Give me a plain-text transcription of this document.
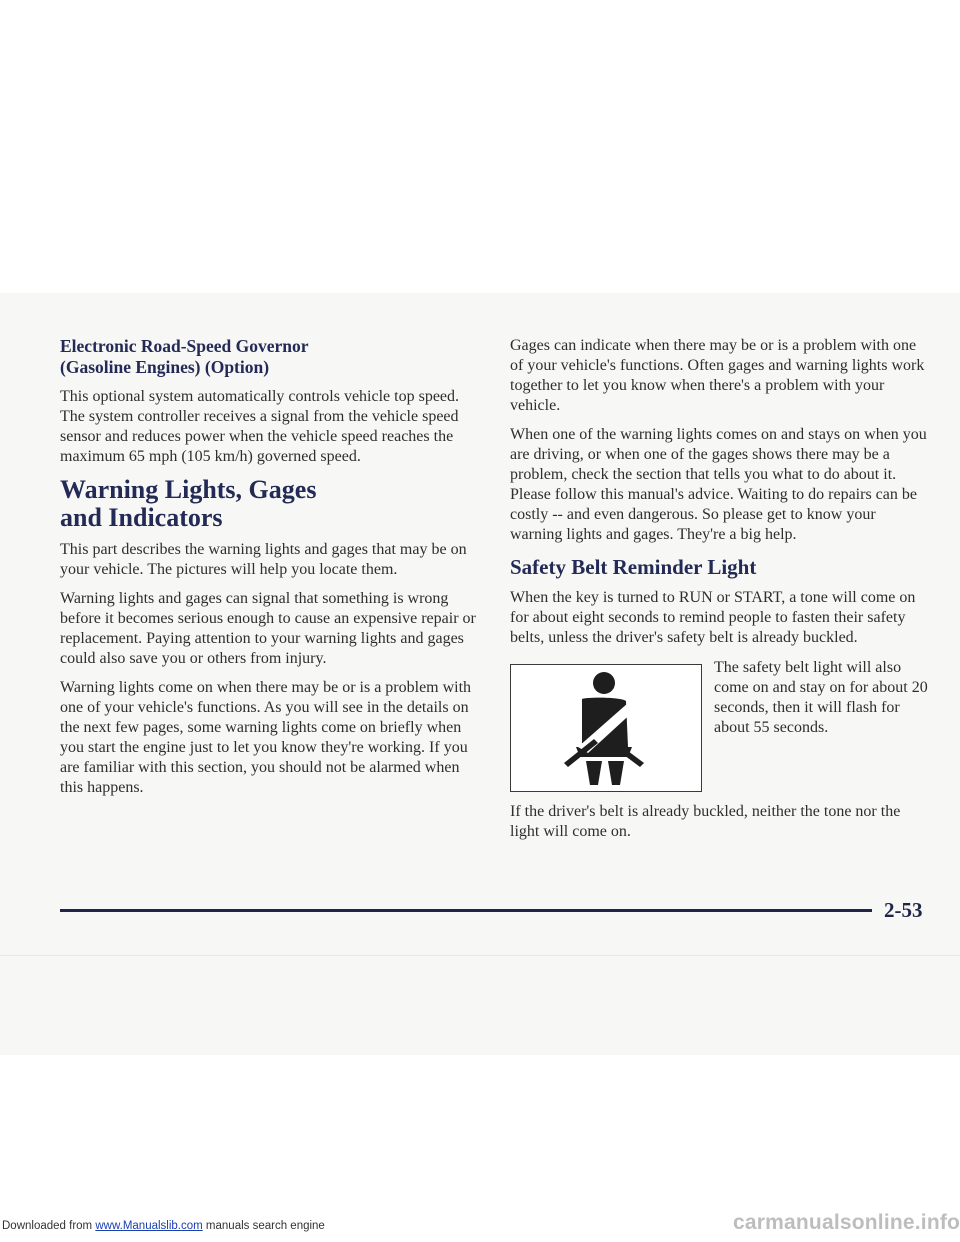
Electronic Road-Speed Governor
(Gasoline Engines) (Option)

This optional system automatically controls vehicle top speed. The system controller receives a signal from the vehicle speed sensor and reduces power when the vehicle speed reaches the maximum 65 mph (105 km/h) governed speed.

Warning Lights, Gages
and Indicators

This part describes the warning lights and gages that may be on your vehicle. The pictures will help you locate them.

Warning lights and gages can signal that something is wrong before it becomes serious enough to cause an expensive repair or replacement. Paying attention to your warning lights and gages could also save you or others from injury.

Warning lights come on when there may be or is a problem with one of your vehicle's functions. As you will see in the details on the next few pages, some warning lights come on briefly when you start the engine just to let you know they're working. If you are familiar with this section, you should not be alarmed when this happens.

Gages can indicate when there may be or is a problem with one of your vehicle's functions. Often gages and warning lights work together to let you know when there's a problem with your vehicle.

When one of the warning lights comes on and stays on when you are driving, or when one of the gages shows there may be a problem, check the section that tells you what to do about it. Please follow this manual's advice. Waiting to do repairs can be costly -- and even dangerous. So please get to know your warning lights and gages. They're a big help.

Safety Belt Reminder Light

When the key is turned to RUN or START, a tone will come on for about eight seconds to remind people to fasten their safety belts, unless the driver's safety belt is already buckled.

The safety belt light will also come on and stay on for about 20 seconds, then it will flash for about 55 seconds.

If the driver's belt is already buckled, neither the tone nor the light will come on.

2-53
Downloaded from www.Manualslib.com manuals search engine	carmanualsonline.info
